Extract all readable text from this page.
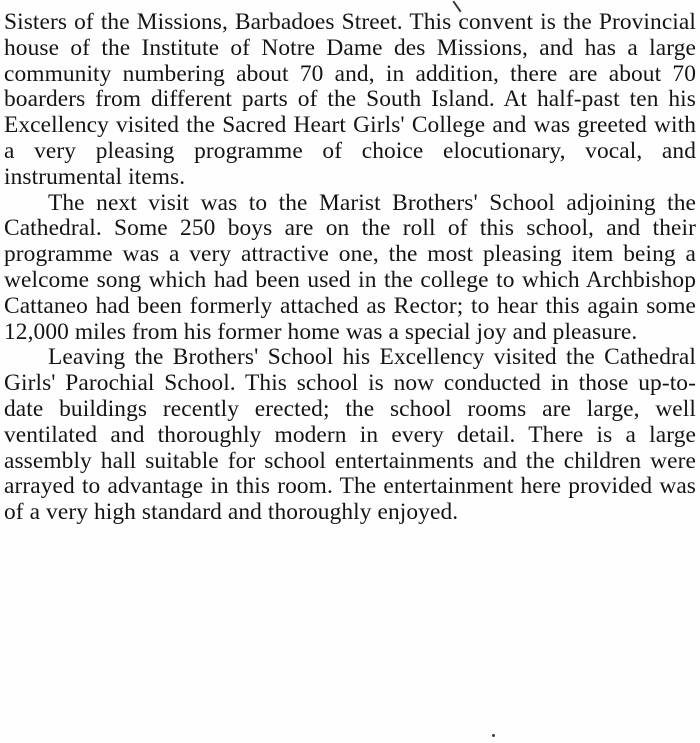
Sisters of the Missions, Barbadoes Street. This convent is the Provincial house of the Institute of Notre Dame des Missions, and has a large community numbering about 70 and, in addition, there are about 70 boarders from different parts of the South Island. At half-past ten his Excellency visited the Sacred Heart Girls' College and was greeted with a very pleasing programme of choice elocutionary, vocal, and instrumental items.

The next visit was to the Marist Brothers' School adjoining the Cathedral. Some 250 boys are on the roll of this school, and their programme was a very attractive one, the most pleasing item being a welcome song which had been used in the college to which Archbishop Cattaneo had been formerly attached as Rector; to hear this again some 12,000 miles from his former home was a special joy and pleasure.

Leaving the Brothers' School his Excellency visited the Cathedral Girls' Parochial School. This school is now conducted in those up-to-date buildings recently erected; the school rooms are large, well ventilated and thoroughly modern in every detail. There is a large assembly hall suitable for school entertainments and the children were arrayed to advantage in this room. The entertainment here provided was of a very high standard and thoroughly enjoyed.
